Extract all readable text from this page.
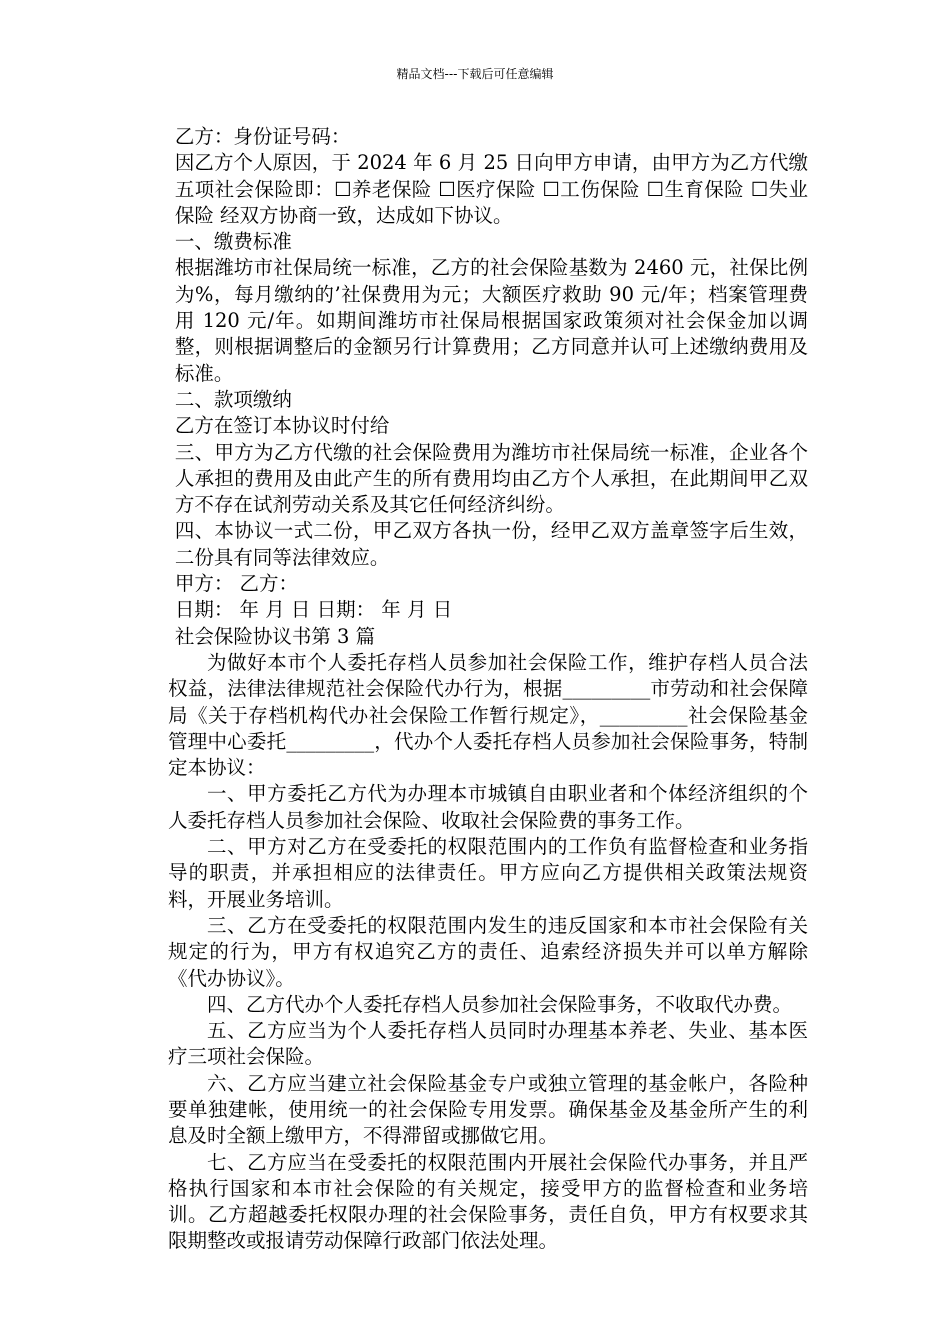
精品文档---下载后可任意编辑

乙方：身份证号码：

因乙方个人原因，于 2024 年 6 月 25 日向甲方申请，由甲方为乙方代缴五项社会保险即：☐养老保险 ☐医疗保险 ☐工伤保险 ☐生育保险 ☐失业保险 经双方协商一致，达成如下协议。

一、缴费标准

根据潍坊市社保局统一标准，乙方的社会保险基数为 2460 元，社保比例为%，每月缴纳的’社保费用为元；大额医疗救助 90 元/年；档案管理费用 120 元/年。如期间潍坊市社保局根据国家政策须对社会保金加以调整，则根据调整后的金额另行计算费用；乙方同意并认可上述缴纳费用及标准。

二、款项缴纳

乙方在签订本协议时付给

三、甲方为乙方代缴的社会保险费用为潍坊市社保局统一标准，企业各个人承担的费用及由此产生的所有费用均由乙方个人承担，在此期间甲乙双方不存在试剂劳动关系及其它任何经济纠纷。

四、本协议一式二份，甲乙双方各执一份，经甲乙双方盖章签字后生效，二份具有同等法律效应。

甲方： 乙方：

日期： 年 月 日 日期： 年 月 日

社会保险协议书第 3 篇

为做好本市个人委托存档人员参加社会保险工作，维护存档人员合法权益，法律法律规范社会保险代办行为，根据_________市劳动和社会保障局《关于存档机构代办社会保险工作暂行规定》，_________社会保险基金管理中心委托_________，代办个人委托存档人员参加社会保险事务，特制定本协议：

一、甲方委托乙方代为办理本市城镇自由职业者和个体经济组织的个人委托存档人员参加社会保险、收取社会保险费的事务工作。

二、甲方对乙方在受委托的权限范围内的工作负有监督检查和业务指导的职责，并承担相应的法律责任。甲方应向乙方提供相关政策法规资料，开展业务培训。

三、乙方在受委托的权限范围内发生的违反国家和本市社会保险有关规定的行为，甲方有权追究乙方的责任、追索经济损失并可以单方解除《代办协议》。

四、乙方代办个人委托存档人员参加社会保险事务，不收取代办费。

五、乙方应当为个人委托存档人员同时办理基本养老、失业、基本医疗三项社会保险。

六、乙方应当建立社会保险基金专户或独立管理的基金帐户，各险种要单独建帐，使用统一的社会保险专用发票。确保基金及基金所产生的利息及时全额上缴甲方，不得滞留或挪做它用。

七、乙方应当在受委托的权限范围内开展社会保险代办事务，并且严格执行国家和本市社会保险的有关规定，接受甲方的监督检查和业务培训。乙方超越委托权限办理的社会保险事务，责任自负，甲方有权要求其限期整改或报请劳动保障行政部门依法处理。
